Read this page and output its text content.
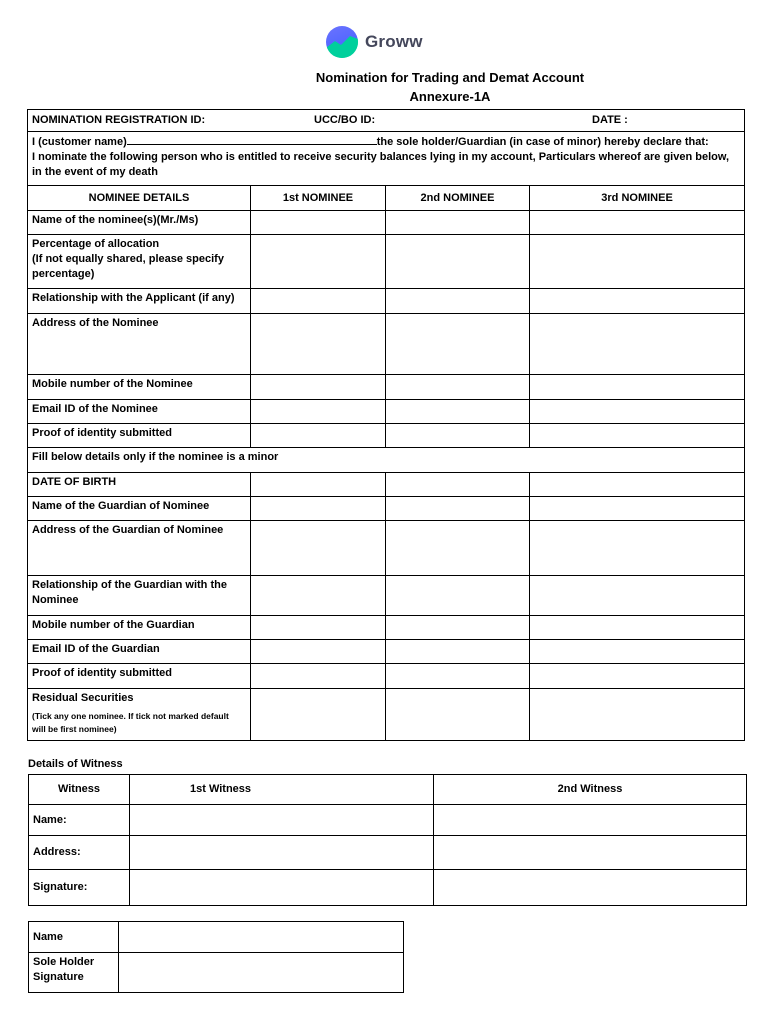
Groww
Nomination for Trading and Demat Account
Annexure-1A
NOMINATION REGISTRATION ID: UCC/BO ID: DATE :			

I (customer name) the sole holder/Guardian (in case of minor) hereby declare that:
I nominate the following person who is entitled to receive security balances lying in my account, Particulars whereof are given below,
in the event of my death			
NOMINEE DETAILS	1st NOMINEE	2nd NOMINEE	3rd NOMINEE
Name of the nominee(s)(Mr./Ms)			
Percentage of allocation
(If not equally shared, please specify
percentage)			
Relationship with the Applicant (if any)			
Address of the Nominee			
Mobile number of the Nominee			
Email ID of the Nominee			
Proof of identity submitted			
Fill below details only if the nominee is a minor			
DATE OF BIRTH			
Name of the Guardian of Nominee			
Address of the Guardian of Nominee			
Relationship of the Guardian with the
Nominee			
Mobile number of the Guardian			
Email ID of the Guardian			
Proof of identity submitted			
Residual Securities
(Tick any one nominee. If tick not marked default
will be first nominee)			

Details of Witness
Witness	1st Witness	2nd Witness
Name:		
Address:		
Signature:		
Name	
Sole Holder
Signature	
